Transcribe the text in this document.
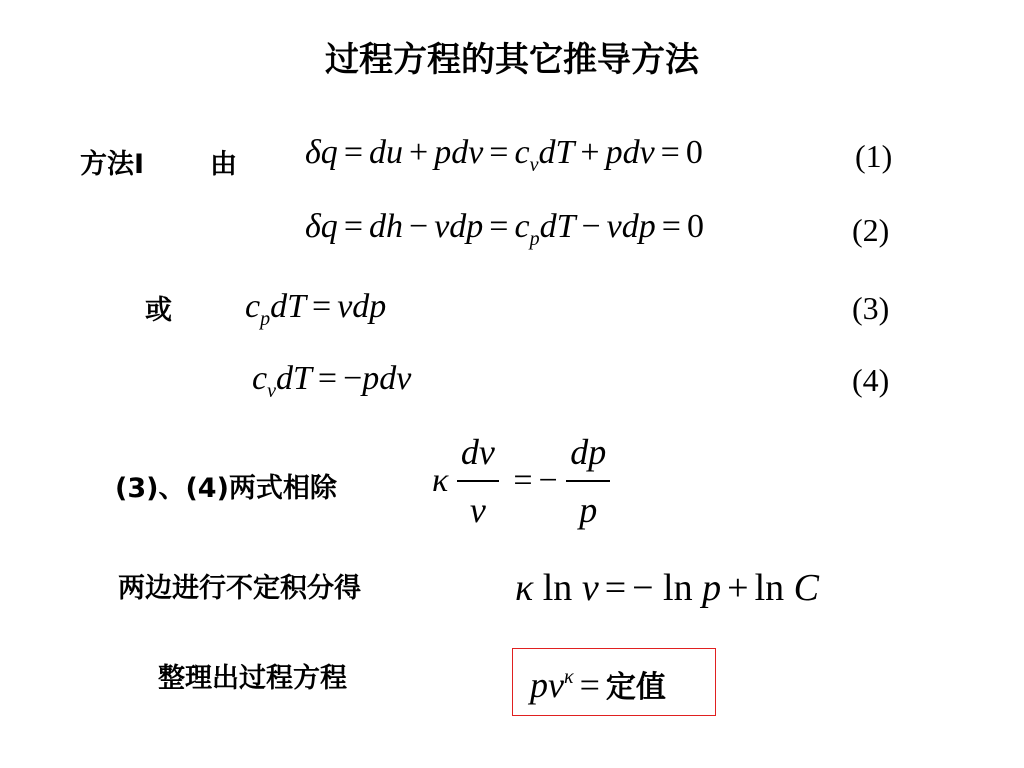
过程方程的其它推导方法
方法Ⅰ 由 δq = du + pdv = $c_vdT$ + pdv = 0	(1)
δq = dh − vdp = $c_pdT$ − vdp = 0	(2)
或 $c_pdT$ = vdp	(3)
$c_vdT = -pdv$	(4)
(3)、(4)两式相除	κ $\frac{dv}{v}$ = − $\frac{dp}{p}$
两边进行不定积分得	κ ln v = − ln p + ln C
整理出过程方程	$pv^\kappa$ = 定值
